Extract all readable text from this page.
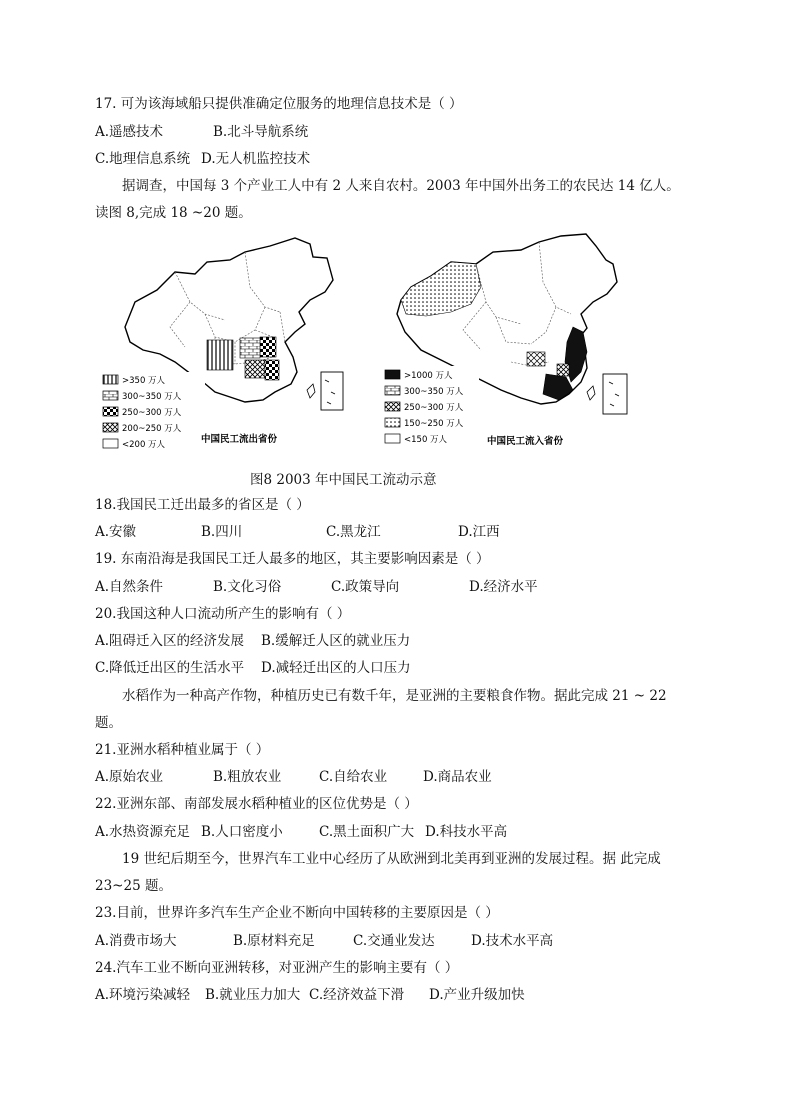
17. 可为该海域船只提供准确定位服务的地理信息技术是（ ）
A.遥感技术	B.北斗导航系统
C.地理信息系统 D.无人机监控技术
据调查，中国每 3 个产业工人中有 2 人来自农村。2003 年中国外出务工的农民达 14 亿人。
读图 8,完成 18 ~20 题。
>350 万人
300~350 万人
250~300 万人
200~250 万人
<200 万人	中国民工流出省份
>1000 万人
300~350 万人
250~300 万人
150~250 万人
<150 万人	中国民工流入省份
图8 2003 年中国民工流动示意
18.我国民工迁出最多的省区是（ ）
A.安徽	B.四川	C.黑龙江	D.江西
19. 东南沿海是我国民工迁人最多的地区，其主要影响因素是（ ）
A.自然条件	B.文化习俗	C.政策导向	D.经济水平
20.我国这种人口流动所产生的影响有（ ）
A.阻碍迁入区的经济发展 B.缓解迁人区的就业压力
C.降低迁出区的生活水平 D.减轻迁出区的人口压力
水稻作为一种高产作物，种植历史已有数千年，是亚洲的主要粮食作物。据此完成 21 ~ 22
题。
21.亚洲水稻种植业属于（ ）
A.原始农业	B.粗放农业	C.自给农业	D.商品农业
22.亚洲东部、南部发展水稻种植业的区位优势是（ ）
A.水热资源充足 B.人口密度小	C.黑土面积广大 D.科技水平高
19 世纪后期至今，世界汽车工业中心经历了从欧洲到北美再到亚洲的发展过程。据 此完成
23~25 题。
23.目前，世界许多汽车生产企业不断向中国转移的主要原因是（ ）
A.消费市场大	B.原材料充足	C.交通业发达	D.技术水平高
24.汽车工业不断向亚洲转移，对亚洲产生的影响主要有（ ）
A.环境污染减轻 B.就业压力加大 C.经济效益下滑 D.产业升级加快
